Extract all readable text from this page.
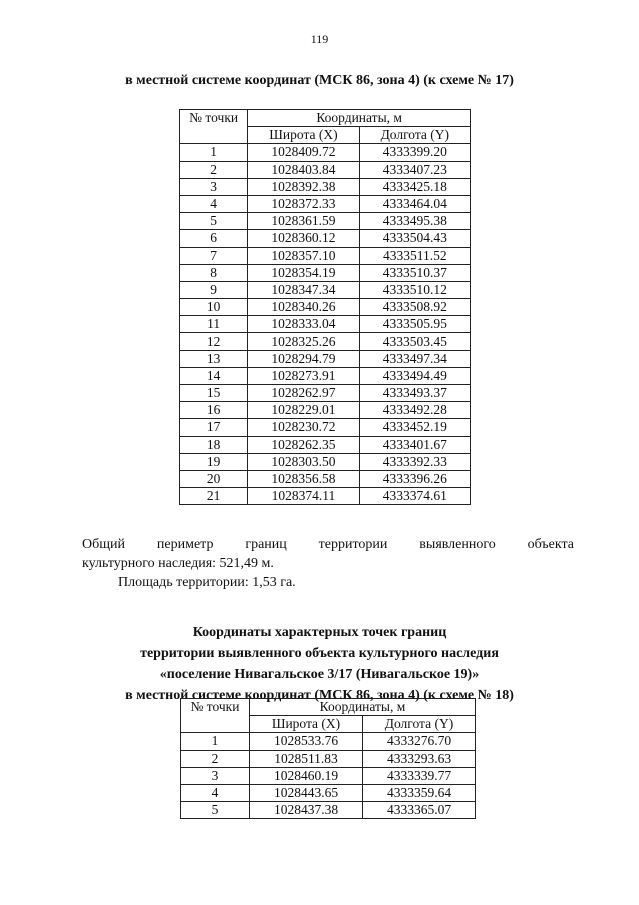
119
в местной системе координат (МСК 86, зона 4) (к схеме № 17)
№ точки	Координаты, м	
	Широта (X)	Долгота (Y)
1	1028409.72	4333399.20
2	1028403.84	4333407.23
3	1028392.38	4333425.18
4	1028372.33	4333464.04
5	1028361.59	4333495.38
6	1028360.12	4333504.43
7	1028357.10	4333511.52
8	1028354.19	4333510.37
9	1028347.34	4333510.12
10	1028340.26	4333508.92
11	1028333.04	4333505.95
12	1028325.26	4333503.45
13	1028294.79	4333497.34
14	1028273.91	4333494.49
15	1028262.97	4333493.37
16	1028229.01	4333492.28
17	1028230.72	4333452.19
18	1028262.35	4333401.67
19	1028303.50	4333392.33
20	1028356.58	4333396.26
21	1028374.11	4333374.61
Общий периметр границ территории выявленного объекта
культурного наследия: 521,49 м.
Площадь территории: 1,53 га.
Координаты характерных точек границ
территории выявленного объекта культурного наследия
«поселение Нивагальское 3/17 (Нивагальское 19)»
в местной системе координат (МСК 86, зона 4) (к схеме № 18)
№ точки	Координаты, м	
	Широта (X)	Долгота (Y)
1	1028533.76	4333276.70
2	1028511.83	4333293.63
3	1028460.19	4333339.77
4	1028443.65	4333359.64
5	1028437.38	4333365.07
